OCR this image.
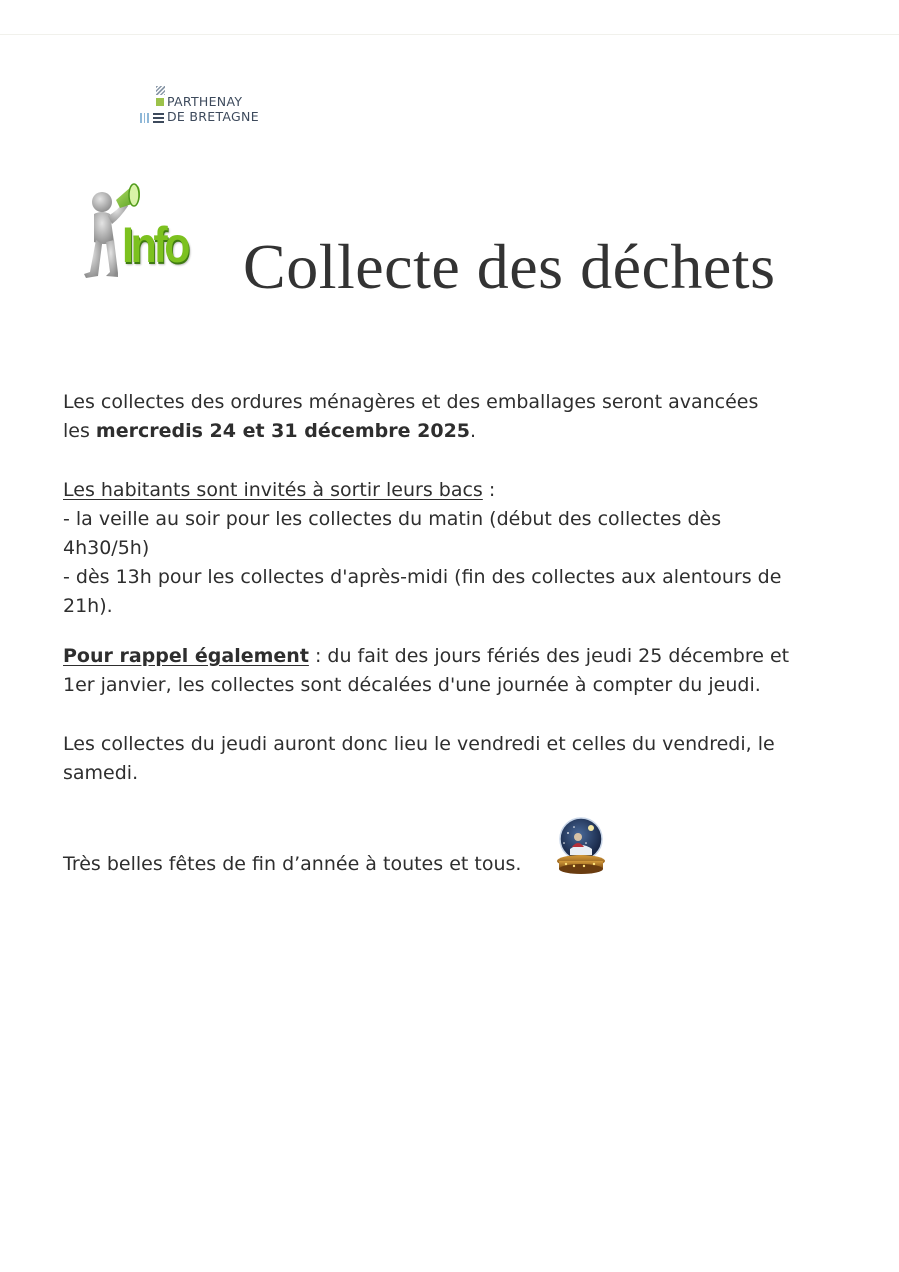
PARTHENAY
DE BRETAGNE
Info Collecte des déchets
Les collectes des ordures ménagères et des emballages seront avancées
les mercredis 24 et 31 décembre 2025.
Les habitants sont invités à sortir leurs bacs :
- la veille au soir pour les collectes du matin (début des collectes dès
4h30/5h)
- dès 13h pour les collectes d'après-midi (fin des collectes aux alentours de
21h).
Pour rappel également : du fait des jours fériés des jeudi 25 décembre et
1er janvier, les collectes sont décalées d'une journée à compter du jeudi.
Les collectes du jeudi auront donc lieu le vendredi et celles du vendredi, le
samedi.
Très belles fêtes de fin d’année à toutes et tous.
